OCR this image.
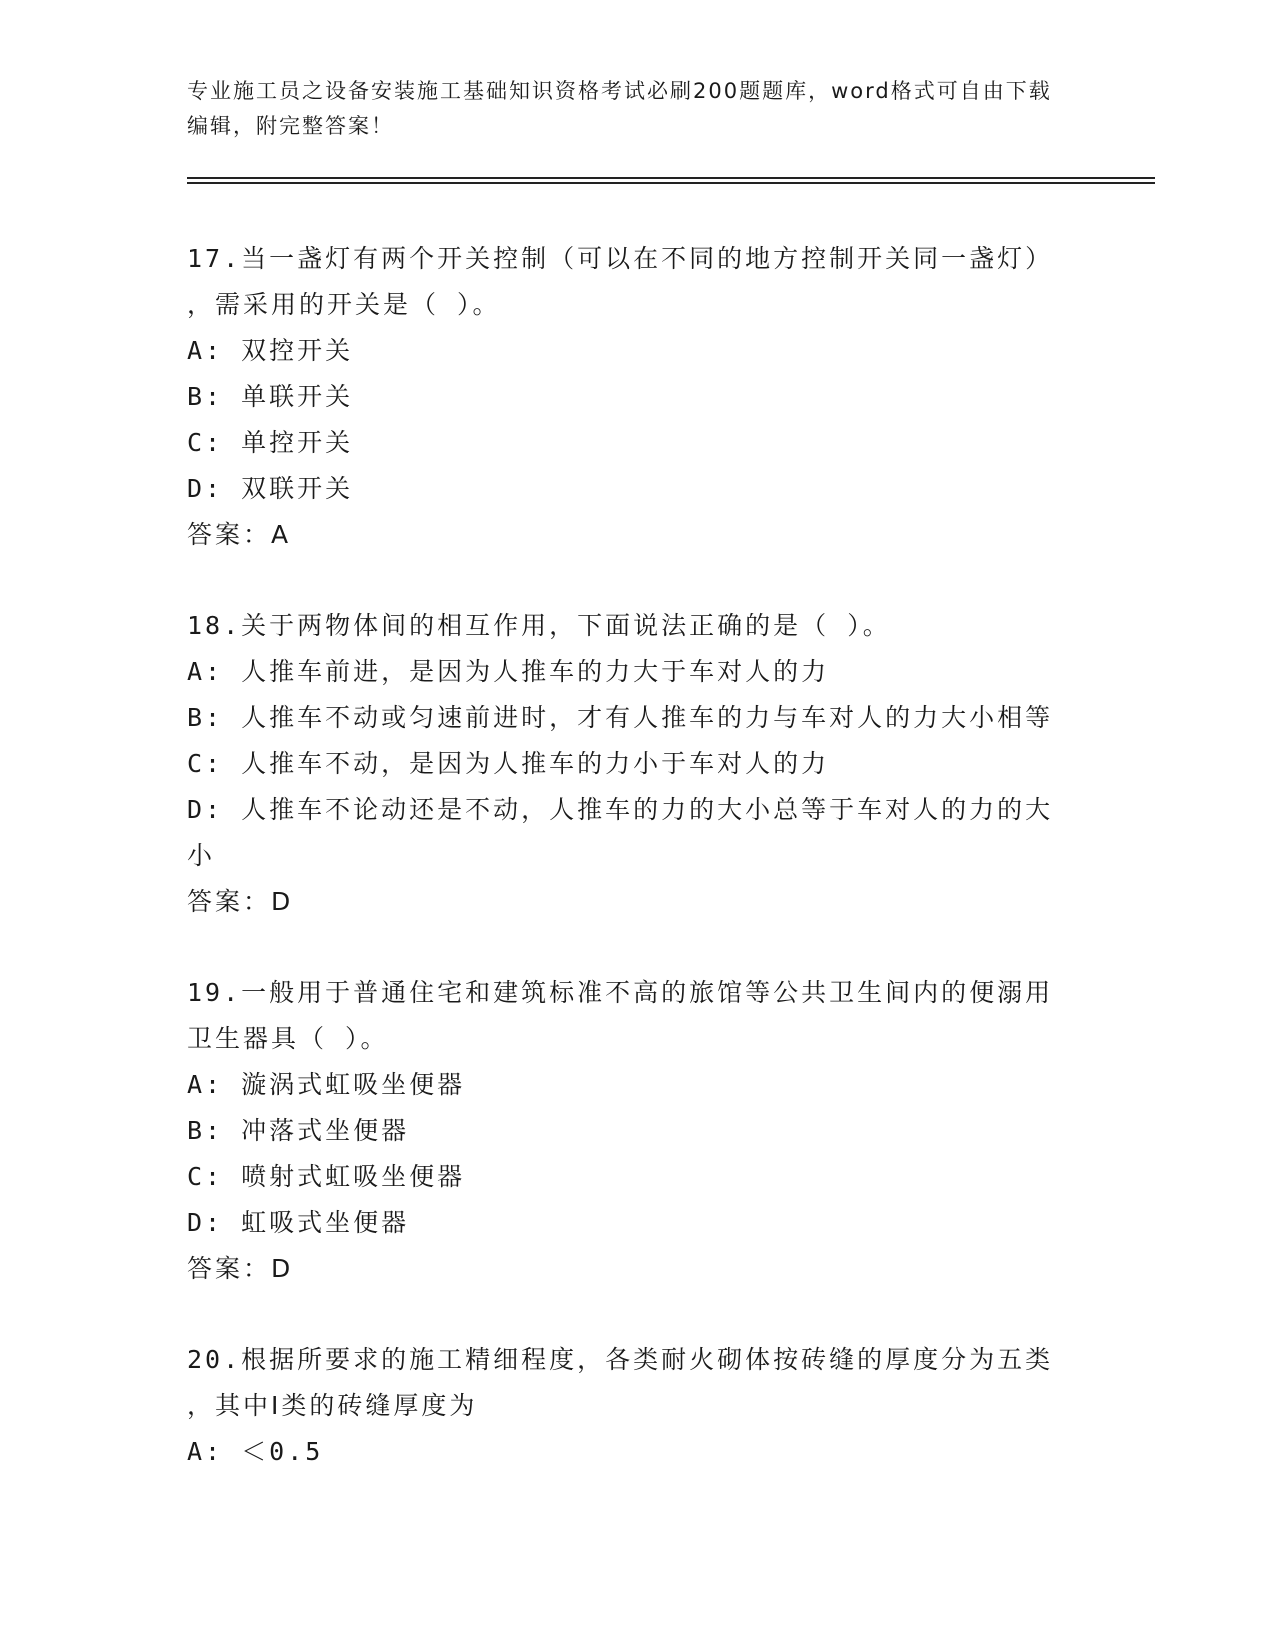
专业施工员之设备安装施工基础知识资格考试必刷200题题库，word格式可自由下载编辑，附完整答案！
17.当一盏灯有两个开关控制（可以在不同的地方控制开关同一盏灯）
，需采用的开关是（ ）。
A: 双控开关
B: 单联开关
C: 单控开关
D: 双联开关
答案：A
18.关于两物体间的相互作用，下面说法正确的是（ ）。
A: 人推车前进，是因为人推车的力大于车对人的力
B: 人推车不动或匀速前进时，才有人推车的力与车对人的力大小相等
C: 人推车不动，是因为人推车的力小于车对人的力
D: 人推车不论动还是不动，人推车的力的大小总等于车对人的力的大
小
答案：D
19.一般用于普通住宅和建筑标准不高的旅馆等公共卫生间内的便溺用
卫生器具（ ）。
A: 漩涡式虹吸坐便器
B: 冲落式坐便器
C: 喷射式虹吸坐便器
D: 虹吸式坐便器
答案：D
20.根据所要求的施工精细程度，各类耐火砌体按砖缝的厚度分为五类
，其中Ⅰ类的砖缝厚度为
A: ＜0.5
